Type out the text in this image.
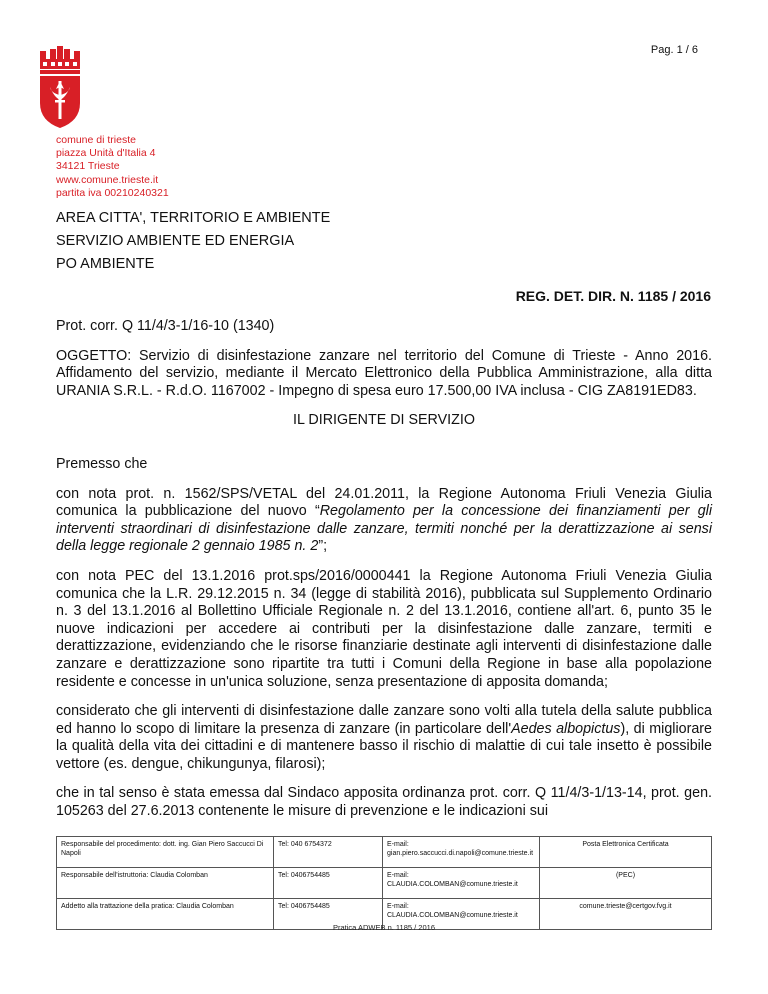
Pag. 1 / 6
comune di trieste
piazza Unità d'Italia 4
34121 Trieste
www.comune.trieste.it
partita iva 00210240321
AREA CITTA', TERRITORIO E AMBIENTE
SERVIZIO AMBIENTE ED ENERGIA
PO AMBIENTE
REG. DET. DIR. N. 1185 / 2016

Prot. corr. Q 11/4/3-1/16-10 (1340)

OGGETTO: Servizio di disinfestazione zanzare nel territorio del Comune di Trieste - Anno 2016. Affidamento del servizio, mediante il Mercato Elettronico della Pubblica Amministrazione, alla ditta URANIA S.R.L. - R.d.O. 1167002 - Impegno di spesa euro 17.500,00 IVA inclusa - CIG ZA8191ED83.

IL DIRIGENTE DI SERVIZIO

Premesso che

con nota prot. n. 1562/SPS/VETAL del 24.01.2011, la Regione Autonoma Friuli Venezia Giulia comunica la pubblicazione del nuovo “Regolamento per la concessione dei finanziamenti per gli interventi straordinari di disinfestazione dalle zanzare, termiti nonché per la derattizzazione ai sensi della legge regionale 2 gennaio 1985 n. 2”;

con nota PEC del 13.1.2016 prot.sps/2016/0000441 la Regione Autonoma Friuli Venezia Giulia comunica che la L.R. 29.12.2015 n. 34 (legge di stabilità 2016), pubblicata sul Supplemento Ordinario n. 3 del 13.1.2016 al Bollettino Ufficiale Regionale n. 2 del 13.1.2016, contiene all'art. 6, punto 35 le nuove indicazioni per accedere ai contributi per la disinfestazione dalle zanzare, termiti e derattizzazione, evidenziando che le risorse finanziarie destinate agli interventi di disinfestazione dalle zanzare e derattizzazione sono ripartite tra tutti i Comuni della Regione in base alla popolazione residente e concesse in un'unica soluzione, senza presentazione di apposita domanda;

considerato che gli interventi di disinfestazione dalle zanzare sono volti alla tutela della salute pubblica ed hanno lo scopo di limitare la presenza di zanzare (in particolare dell'Aedes albopictus), di migliorare la qualità della vita dei cittadini e di mantenere basso il rischio di malattie di cui tale insetto è possibile vettore (es. dengue, chikungunya, filarosi);

che in tal senso è stata emessa dal Sindaco apposita ordinanza prot. corr. Q 11/4/3-1/13-14, prot. gen. 105263 del 27.6.2013 contenente le misure di prevenzione e le indicazioni sui

Responsabile del procedimento: dott. ing. Gian Piero Saccucci Di Napoli	Tel: 040 6754372	E-mail:
gian.piero.saccucci.di.napoli@comune.trieste.it	Posta Elettronica Certificata
Responsabile dell'istruttoria: Claudia Colomban	Tel: 0406754485	E-mail:
CLAUDIA.COLOMBAN@comune.trieste.it	(PEC)
Addetto alla trattazione della pratica: Claudia Colomban	Tel: 0406754485	E-mail:
CLAUDIA.COLOMBAN@comune.trieste.it	comune.trieste@certgov.fvg.it
Pratica ADWEB n. 1185 / 2016
